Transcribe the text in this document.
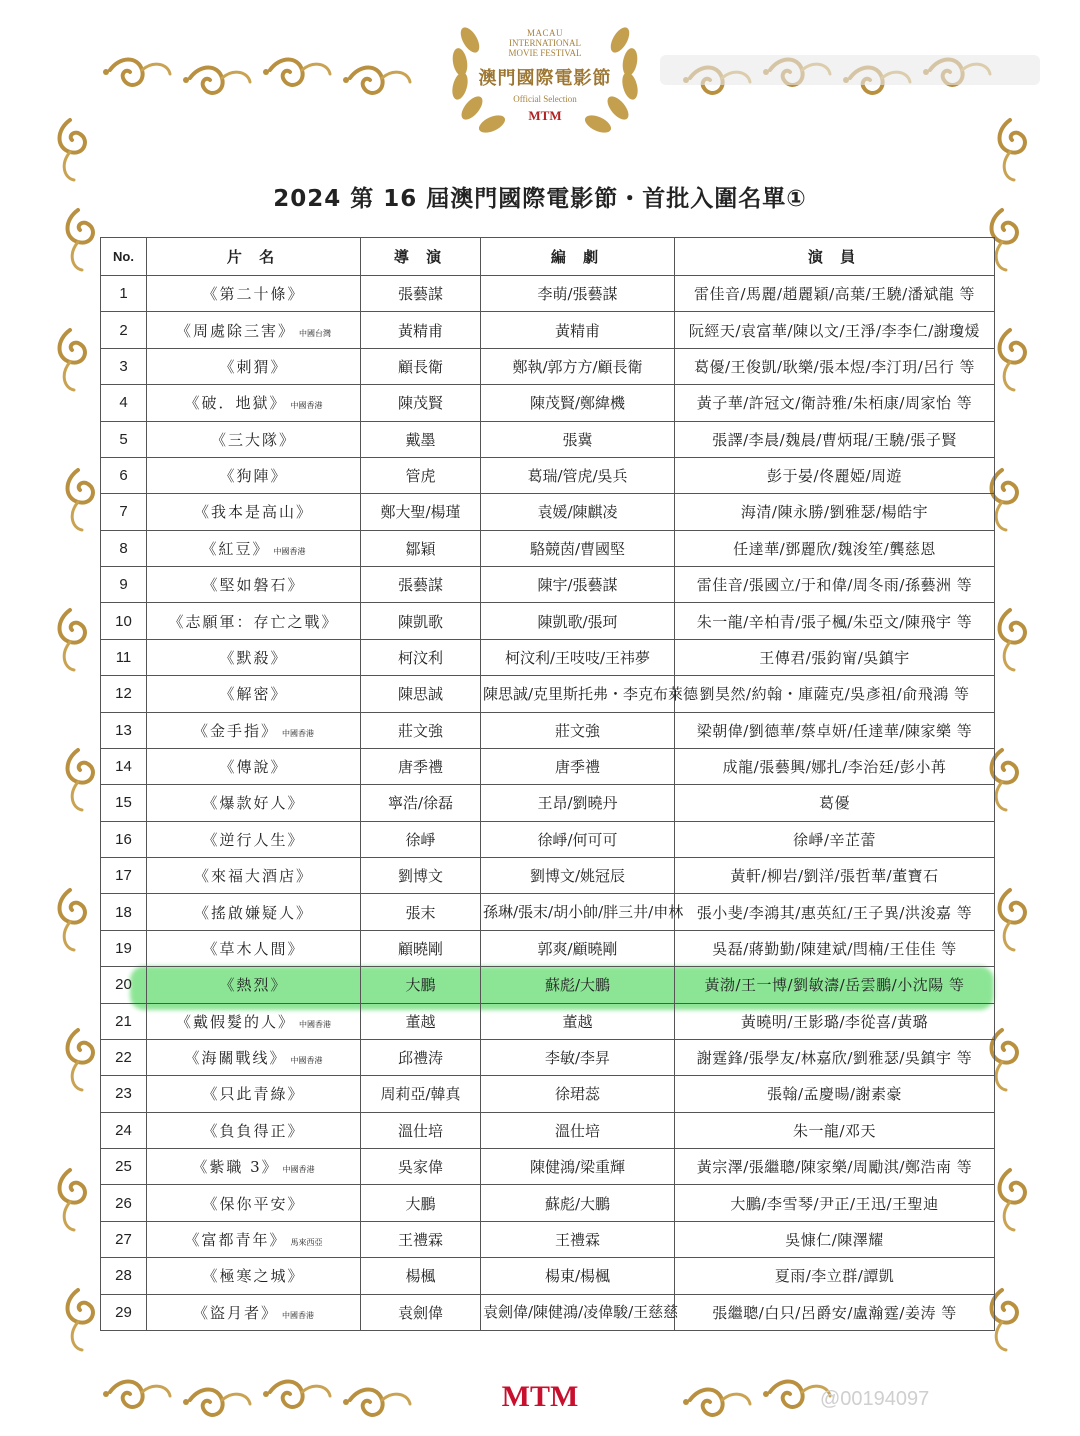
MACAU
INTERNATIONAL
MOVIE FESTIVAL
澳門國際電影節
Official Selection
MTM
2024 第 16 屆澳門國際電影節・首批入圍名單①
No.	片 名	導 演	編 劇	演 員
1	《第二十條》	張藝謀	李萌/張藝謀	雷佳音/馬麗/趙麗穎/高葉/王驍/潘斌龍 等
2	《周處除三害》 中國台灣	黃精甫	黃精甫	阮經天/袁富華/陳以文/王淨/李李仁/謝瓊煖
3	《刺猬》	顧長衛	鄭執/郭方方/顧長衛	葛優/王俊凱/耿樂/張本煜/李汀玥/呂行 等
4	《破．地獄》 中國香港	陳茂賢	陳茂賢/鄭緯機	黃子華/許冠文/衛詩雅/朱栢康/周家怡 等
5	《三大隊》	戴墨	張冀	張譯/李晨/魏晨/曹炳琨/王驍/張子賢
6	《狗陣》	管虎	葛瑞/管虎/吳兵	彭于晏/佟麗婭/周遊
7	《我本是高山》	鄭大聖/楊瑾	袁媛/陳麒凌	海清/陳永勝/劉雅瑟/楊皓宇
8	《紅豆》 中國香港	鄒穎	駱競茵/曹國堅	任達華/鄧麗欣/魏浚笙/龔慈恩
9	《堅如磐石》	張藝謀	陳宇/張藝謀	雷佳音/張國立/于和偉/周冬雨/孫藝洲 等
10	《志願軍：存亡之戰》	陳凱歌	陳凱歌/張珂	朱一龍/辛柏青/張子楓/朱亞文/陳飛宇 等
11	《默殺》	柯汶利	柯汶利/王吱吱/王祎夢	王傳君/張鈞甯/吳鎮宇
12	《解密》	陳思誠	陳思誠/克里斯托弗・李克布萊德	劉昊然/約翰・庫薩克/吳彥祖/俞飛鴻 等
13	《金手指》 中國香港	莊文強	莊文強	梁朝偉/劉德華/蔡卓妍/任達華/陳家樂 等
14	《傳說》	唐季禮	唐季禮	成龍/張藝興/娜扎/李治廷/彭小苒
15	《爆款好人》	寧浩/徐磊	王昂/劉曉丹	葛優
16	《逆行人生》	徐崢	徐崢/何可可	徐崢/辛芷蕾
17	《來福大酒店》	劉博文	劉博文/姚冠辰	黃軒/柳岩/劉洋/張哲華/董寶石
18	《搖啟嫌疑人》	張末	孫琳/張末/胡小帥/胖三井/申林	張小斐/李鴻其/惠英紅/王子異/洪浚嘉 等
19	《草木人間》	顧曉剛	郭爽/顧曉剛	吳磊/蔣勤勤/陳建斌/閆楠/王佳佳 等
20	《熱烈》	大鵬	蘇彪/大鵬	黃渤/王一博/劉敏濤/岳雲鵬/小沈陽 等
21	《戴假髮的人》 中國香港	董越	董越	黃曉明/王影璐/李從喜/黃璐
22	《海關戰线》 中國香港	邱禮涛	李敏/李昇	謝霆鋒/張學友/林嘉欣/劉雅瑟/吳鎮宇 等
23	《只此青綠》	周莉亞/韓真	徐珺蕊	張翰/孟慶暘/謝素豪
24	《負負得正》	溫仕培	溫仕培	朱一龍/邓天
25	《紫職 3》 中國香港	吳家偉	陳健鴻/梁重輝	黃宗澤/張繼聰/陳家樂/周勵淇/鄭浩南 等
26	《保你平安》	大鵬	蘇彪/大鵬	大鵬/李雪琴/尹正/王迅/王聖迪
27	《富都青年》 馬來西亞	王禮霖	王禮霖	吳慷仁/陳澤耀
28	《極寒之城》	楊楓	楊東/楊楓	夏雨/李立群/譚凱
29	《盜月者》 中國香港	袁劍偉	袁劍偉/陳健鴻/凌偉駿/王慈慈	張繼聰/白只/呂爵安/盧瀚霆/姜涛 等
MTM	@00194097
